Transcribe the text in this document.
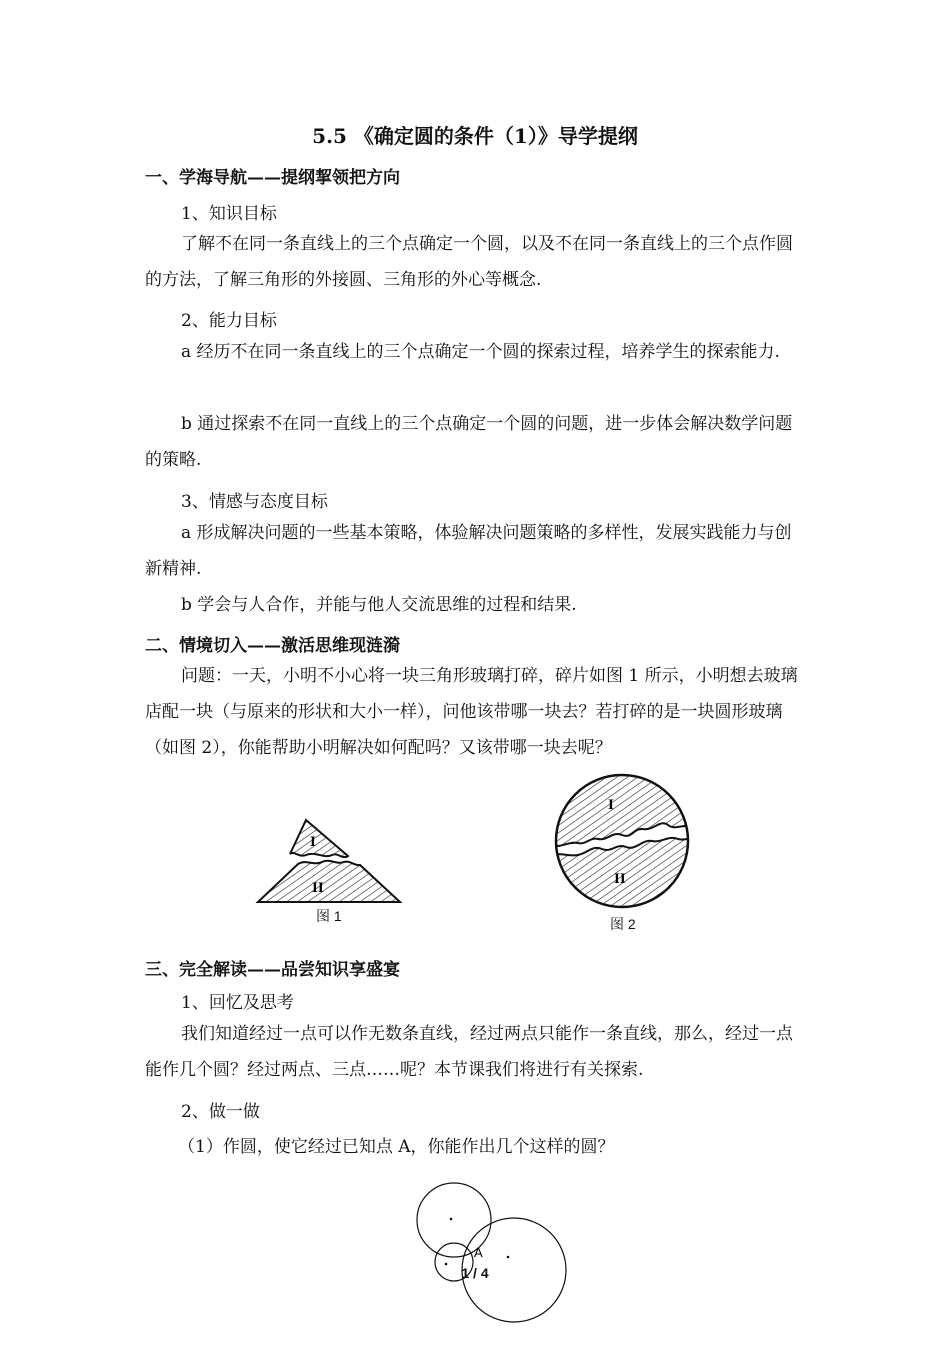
5.5 《确定圆的条件（1）》导学提纲
一、学海导航——提纲挈领把方向
1、知识目标
了解不在同一条直线上的三个点确定一个圆，以及不在同一条直线上的三个点作圆的方法，了解三角形的外接圆、三角形的外心等概念.
2、能力目标
a 经历不在同一条直线上的三个点确定一个圆的探索过程，培养学生的探索能力.
b 通过探索不在同一直线上的三个点确定一个圆的问题，进一步体会解决数学问题的策略.
3、情感与态度目标
a 形成解决问题的一些基本策略，体验解决问题策略的多样性，发展实践能力与创新精神.
b 学会与人合作，并能与他人交流思维的过程和结果.
二、情境切入——激活思维现涟漪
问题：一天，小明不小心将一块三角形玻璃打碎，碎片如图 1 所示，小明想去玻璃店配一块（与原来的形状和大小一样），问他该带哪一块去？若打碎的是一块圆形玻璃（如图 2），你能帮助小明解决如何配吗？又该带哪一块去呢？
I
II
图 1
I
II
图 2
三、完全解读——品尝知识享盛宴
1、回忆及思考
我们知道经过一点可以作无数条直线，经过两点只能作一条直线，那么，经过一点能作几个圆？经过两点、三点……呢？本节课我们将进行有关探索.
2、做一做
（1）作圆，使它经过已知点 A，你能作出几个这样的圆？
A
1 / 4
